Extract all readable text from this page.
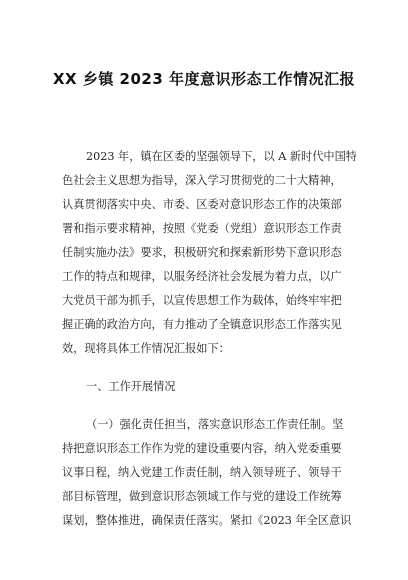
XX 乡镇 2023 年度意识形态工作情况汇报
2023 年，镇在区委的坚强领导下，以 A 新时代中国特
色社会主义思想为指导，深入学习贯彻党的二十大精神，
认真贯彻落实中央、市委、区委对意识形态工作的决策部
署和指示要求精神，按照《党委（党组）意识形态工作责
任制实施办法》要求，积极研究和探索新形势下意识形态
工作的特点和规律，以服务经济社会发展为着力点，以广
大党员干部为抓手，以宣传思想工作为载体，始终牢牢把
握正确的政治方向，有力推动了全镇意识形态工作落实见
效，现将具体工作情况汇报如下：
一、工作开展情况
（一）强化责任担当，落实意识形态工作责任制。坚
持把意识形态工作作为党的建设重要内容，纳入党委重要
议事日程，纳入党建工作责任制，纳入领导班子、领导干
部目标管理，做到意识形态领域工作与党的建设工作统筹
谋划，整体推进，确保责任落实。紧扣《2023 年全区意识
